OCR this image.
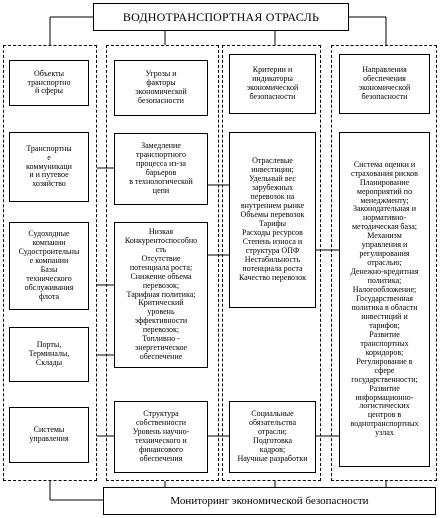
ВОДНОТРАНСПОРТНАЯ ОТРАСЛЬ
Объекты
транспортно
й сферы
Транспортны
е
коммуникаци
и и путевое
хозяйство
Судоходные
компании
Судостроительны
е компании
Базы
технического
обслуживания
флота
Порты,
Терминалы,
Склады
Системы
управления
Угрозы и
факторы
экономической
безопасности
Замедление
транспортного
процесса из-за
барьеров
в технологической
цепи
Низкая
Конкурентоспособно
сть
Отсутствие
потенциала роста;
Снижение объема
перевозок;
Тарифная политика;
Критический
уровень
эффективности
перевозок;
Топливно -
энергетическое
обеспечение
Структура
собственности
Уровень научно-
технического и
финансового
обеспечения
Критерии и
индикаторы
экономической
безопасности
Отраслевые
инвестиции;
Удельный вес
зарубежных
перевозок на
внутреннем рынке
Объемы перевозок
Тарифы
Расходы ресурсов
Степень износа и
структура ОПФ
Нестабильность
потенциала роста
Качество перевозок
Социальные
обязательства
отрасли;
Подготовка
кадров;
Научные разработки
Направления
обеспечения
экономической
безопасности
Система оценки и
страхования рисков
Планирование
мероприятий по
менеджменту;
Законодательная и
нормативно-
методическая база;
Механизм
управления и
регулирования
отраслью;
Денежно-кредитная
политика;
Налогообложение;
Государственная
политика в области
инвестиций и
тарифов;
Развитие
транспортных
коридоров;
Регулирование в
сфере
государственности;
Развитие
информационно-
логистических
центров в
воднотранспортных
узлах
Мониторинг экономической безопасности
